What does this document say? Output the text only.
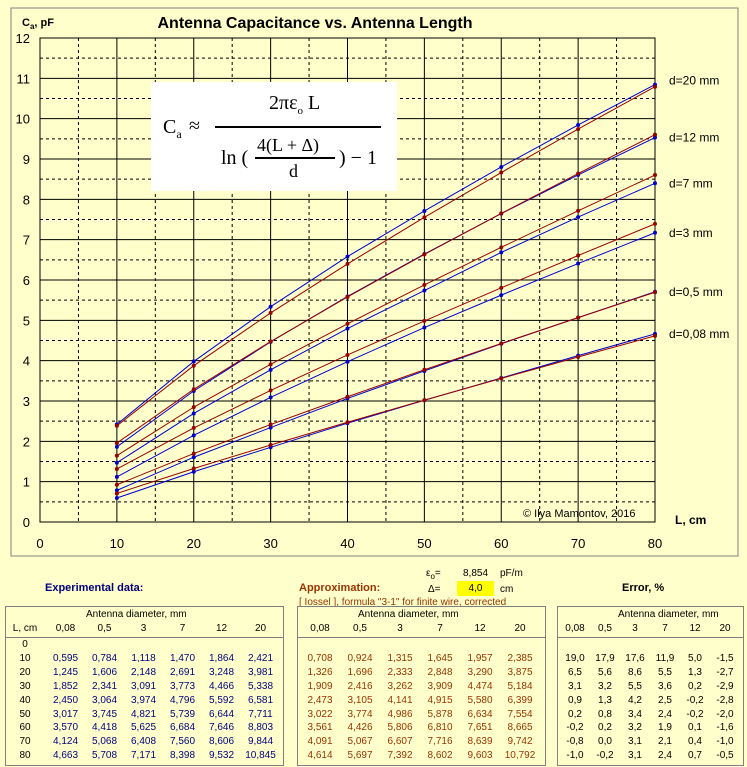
0	10	20	30	40	50	60	70	80
0
1
2
3
4
5
6
7
8
9
10
11
12
Antenna Capacitance vs. Antenna Length
$C_a$, pF
L, cm
© Ilya Mamontov, 2016
d=20 mm
d=12 mm
d=7 mm
d=3 mm
d=0,5 mm
d=0,08 mm
$C_a$ ≈
$2\pi\varepsilon_o$ L
ln (
4(L + Δ)
d
) − 1
$\varepsilon_o= 8,854$ pF/m
Δ=	4,0	cm
Experimental data:	Approximation:	Error, %
[ Iossel ], formula "3-1" for finite wire, corrected
Antenna diameter, mm
L, cm	0,08	0,5	3	7	12	20
0
10	0,595	0,784	1,118	1,470	1,864	2,421
20	1,245	1,606	2,148	2,691	3,248	3,981
30	1,852	2,341	3,091	3,773	4,466	5,338
40	2,450	3,064	3,974	4,796	5,592	6,581
50	3,017	3,745	4,821	5,739	6,644	7,711
60	3,570	4,418	5,625	6,684	7,646	8,803
70	4,124	5,068	6,408	7,560	8,606	9,844
80	4,663	5,708	7,171	8,398	9,532	10,845
Antenna diameter, mm
0,08	0,5	3	7	12	20
0,708	0,924	1,315	1,645	1,957	2,385
1,326	1,696	2,333	2,848	3,290	3,875
1,909	2,416	3,262	3,909	4,474	5,184
2,473	3,105	4,141	4,915	5,580	6,399
3,022	3,774	4,986	5,878	6,634	7,554
3,561	4,426	5,806	6,810	7,651	8,665
4,091	5,067	6,607	7,716	8,639	9,742
4,614	5,697	7,392	8,602	9,603	10,792
Antenna diameter, mm
0,08	0,5	3	7	12	20
19,0	17,9	17,6	11,9	5,0	-1,5
6,5	5,6	8,6	5,5	1,3	-2,7
3,1	3,2	5,5	3,6	0,2	-2,9
0,9	1,3	4,2	2,5	-0,2	-2,8
0,2	0,8	3,4	2,4	-0,2	-2,0
-0,2	0,2	3,2	1,9	0,1	-1,6
-0,8	0,0	3,1	2,1	0,4	-1,0
-1,0	-0,2	3,1	2,4	0,7	-0,5
